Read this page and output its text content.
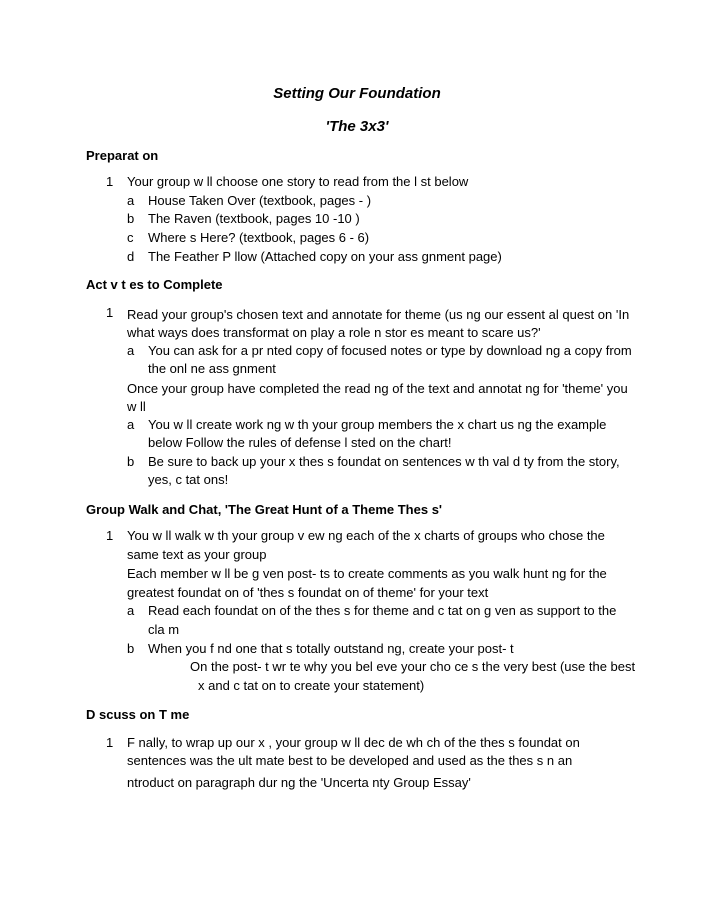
Setting Our Foundation
'The 3x3'
Preparat on
1 Your group w ll choose one story to read from the l st below
a House Taken Over (textbook, pages - )
b The Raven (textbook, pages 10 -10 )
c Where s Here? (textbook, pages 6 - 6)
d The Feather P llow (Attached copy on your ass gnment page)
Act v t es to Complete
1 Read your group's chosen text and annotate for theme (us ng our essent al quest on 'In
what ways does transformat on play a role n stor es meant to scare us?'
a You can ask for a pr nted copy of focused notes or type by download ng a copy from
the onl ne ass gnment
Once your group have completed the read ng of the text and annotat ng for 'theme' you
w ll
a You w ll create work ng w th your group members the x chart us ng the example
below Follow the rules of defense l sted on the chart!
b Be sure to back up your x thes s foundat on sentences w th val d ty from the story,
yes, c tat ons!
Group Walk and Chat, 'The Great Hunt of a Theme Thes s'
1 You w ll walk w th your group v ew ng each of the x charts of groups who chose the
same text as your group
Each member w ll be g ven post- ts to create comments as you walk hunt ng for the
greatest foundat on of 'thes s foundat on of theme' for your text
a Read each foundat on of the thes s for theme and c tat on g ven as support to the
cla m
b When you f nd one that s totally outstand ng, create your post- t
On the post- t wr te why you bel eve your cho ce s the very best (use the best
x and c tat on to create your statement)
D scuss on T me
1 F nally, to wrap up our x , your group w ll dec de wh ch of the thes s foundat on
sentences was the ult mate best to be developed and used as the thes s n an
ntroduct on paragraph dur ng the 'Uncerta nty Group Essay'
